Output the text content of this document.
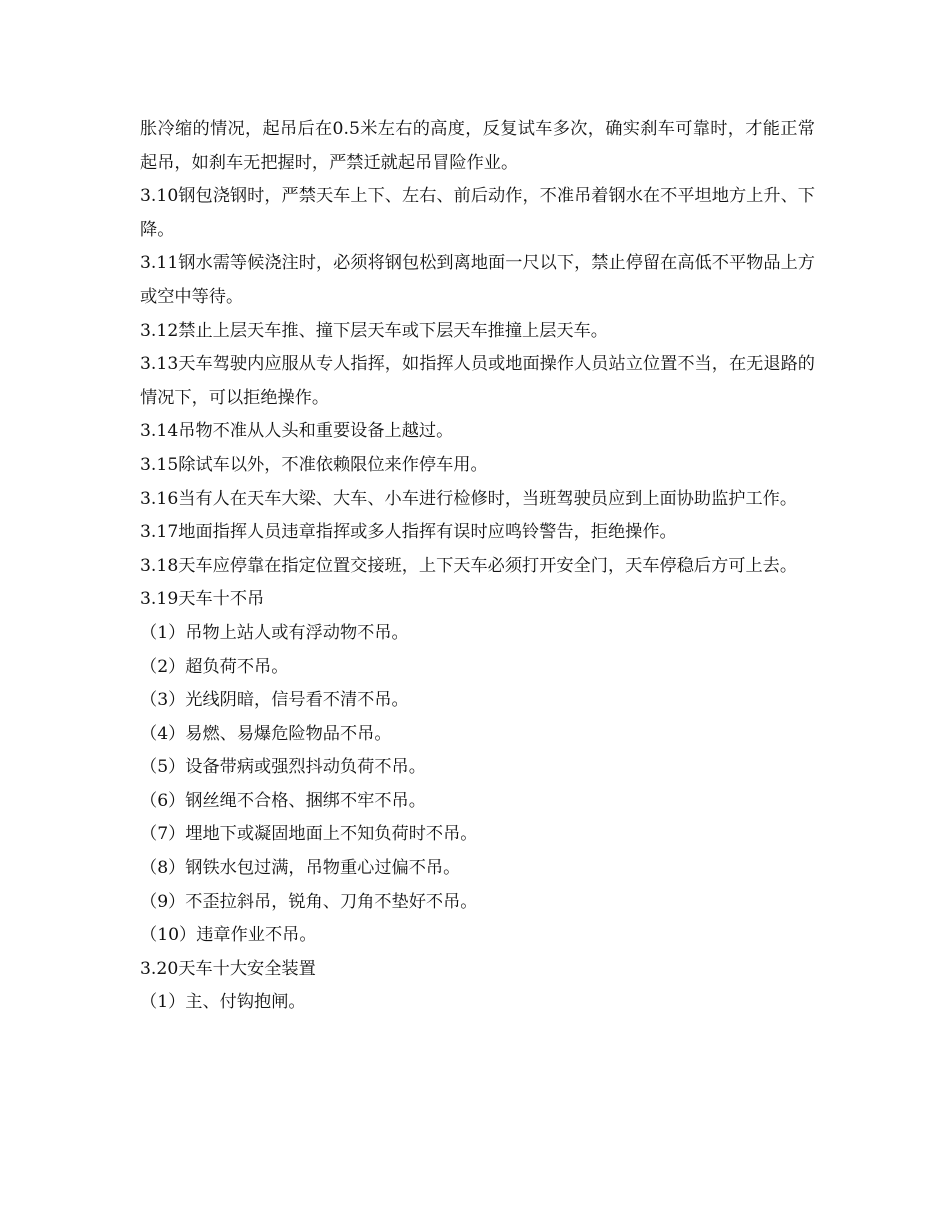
胀冷缩的情况，起吊后在0.5米左右的高度，反复试车多次，确实刹车可靠时，才能正常起吊，如刹车无把握时，严禁迁就起吊冒险作业。

3.10钢包浇钢时，严禁天车上下、左右、前后动作，不准吊着钢水在不平坦地方上升、下降。

3.11钢水需等候浇注时，必须将钢包松到离地面一尺以下，禁止停留在高低不平物品上方或空中等待。

3.12禁止上层天车推、撞下层天车或下层天车推撞上层天车。

3.13天车驾驶内应服从专人指挥，如指挥人员或地面操作人员站立位置不当，在无退路的情况下，可以拒绝操作。

3.14吊物不准从人头和重要设备上越过。

3.15除试车以外，不准依赖限位来作停车用。

3.16当有人在天车大梁、大车、小车进行检修时，当班驾驶员应到上面协助监护工作。

3.17地面指挥人员违章指挥或多人指挥有误时应鸣铃警告，拒绝操作。

3.18天车应停靠在指定位置交接班，上下天车必须打开安全门，天车停稳后方可上去。

3.19天车十不吊

（1）吊物上站人或有浮动物不吊。

（2）超负荷不吊。

（3）光线阴暗，信号看不清不吊。

（4）易燃、易爆危险物品不吊。

（5）设备带病或强烈抖动负荷不吊。

（6）钢丝绳不合格、捆绑不牢不吊。

（7）埋地下或凝固地面上不知负荷时不吊。

（8）钢铁水包过满，吊物重心过偏不吊。

（9）不歪拉斜吊，锐角、刀角不垫好不吊。

（10）违章作业不吊。

3.20天车十大安全装置

（1）主、付钩抱闸。
